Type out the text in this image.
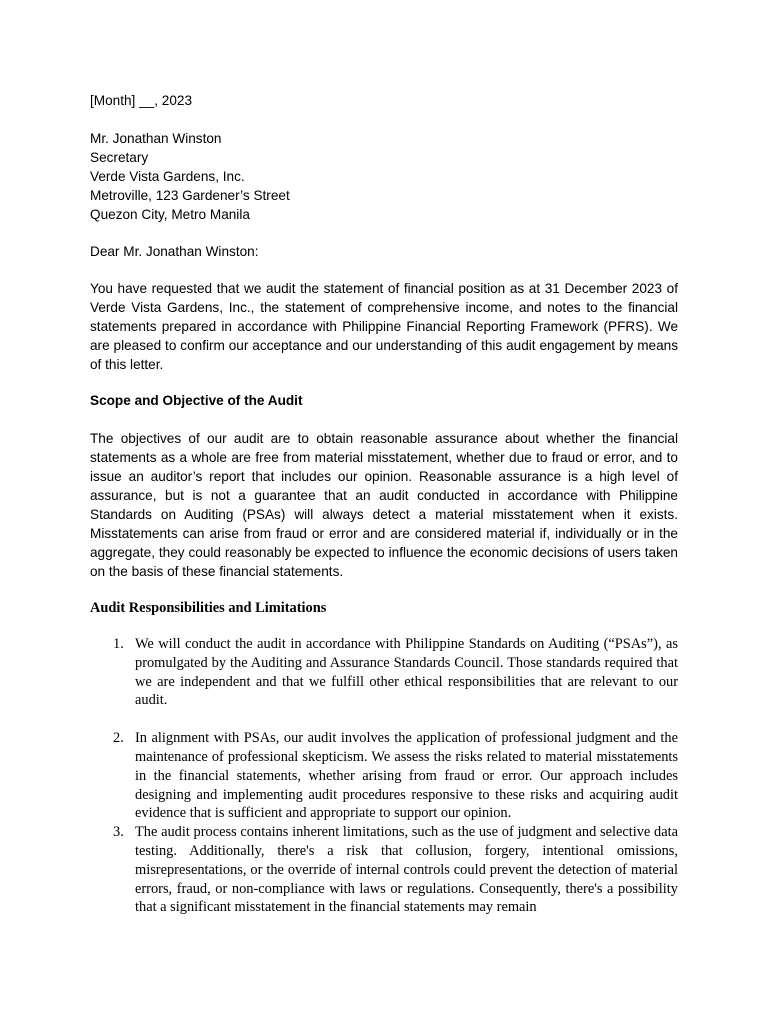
[Month] __, 2023

Mr. Jonathan Winston
Secretary
Verde Vista Gardens, Inc.
Metroville, 123 Gardener’s Street
Quezon City, Metro Manila

Dear Mr. Jonathan Winston:

You have requested that we audit the statement of financial position as at 31 December 2023 of Verde Vista Gardens, Inc., the statement of comprehensive income, and notes to the financial statements prepared in accordance with Philippine Financial Reporting Framework (PFRS). We are pleased to confirm our acceptance and our understanding of this audit engagement by means of this letter.

Scope and Objective of the Audit

The objectives of our audit are to obtain reasonable assurance about whether the financial statements as a whole are free from material misstatement, whether due to fraud or error, and to issue an auditor’s report that includes our opinion. Reasonable assurance is a high level of assurance, but is not a guarantee that an audit conducted in accordance with Philippine Standards on Auditing (PSAs) will always detect a material misstatement when it exists. Misstatements can arise from fraud or error and are considered material if, individually or in the aggregate, they could reasonably be expected to influence the economic decisions of users taken on the basis of these financial statements.

Audit Responsibilities and Limitations

1. We will conduct the audit in accordance with Philippine Standards on Auditing (“PSAs”), as promulgated by the Auditing and Assurance Standards Council. Those standards required that we are independent and that we fulfill other ethical responsibilities that are relevant to our audit.
2. In alignment with PSAs, our audit involves the application of professional judgment and the maintenance of professional skepticism. We assess the risks related to material misstatements in the financial statements, whether arising from fraud or error. Our approach includes designing and implementing audit procedures responsive to these risks and acquiring audit evidence that is sufficient and appropriate to support our opinion.
3. The audit process contains inherent limitations, such as the use of judgment and selective data testing. Additionally, there's a risk that collusion, forgery, intentional omissions, misrepresentations, or the override of internal controls could prevent the detection of material errors, fraud, or non-compliance with laws or regulations. Consequently, there's a possibility that a significant misstatement in the financial statements may remain
